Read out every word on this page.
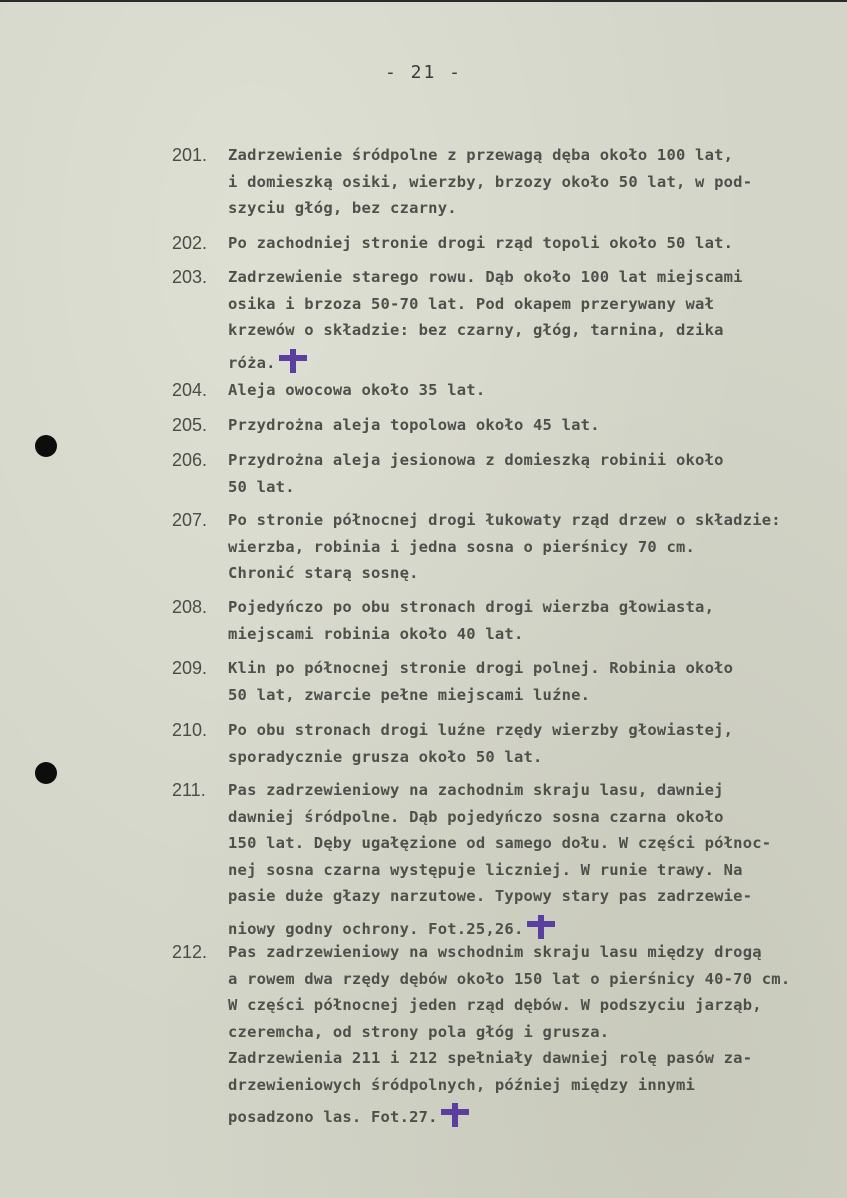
- 21 -
201. Zadrzewienie śródpolne z przewagą dęba około 100 lat,
i domieszką osiki, wierzby, brzozy około 50 lat, w pod-
szyciu głóg, bez czarny.
202. Po zachodniej stronie drogi rząd topoli około 50 lat.
203. Zadrzewienie starego rowu. Dąb około 100 lat miejscami
osika i brzoza 50-70 lat. Pod okapem przerywany wał
krzewów o składzie: bez czarny, głóg, tarnina, dzika
róża.
204. Aleja owocowa około 35 lat.
205. Przydrożna aleja topolowa około 45 lat.
206. Przydrożna aleja jesionowa z domieszką robinii około
50 lat.
207. Po stronie północnej drogi łukowaty rząd drzew o składzie:
wierzba, robinia i jedna sosna o pierśnicy 70 cm.
Chronić starą sosnę.
208. Pojedyńczo po obu stronach drogi wierzba głowiasta,
miejscami robinia około 40 lat.
209. Klin po północnej stronie drogi polnej. Robinia około
50 lat, zwarcie pełne miejscami luźne.
210. Po obu stronach drogi luźne rzędy wierzby głowiastej,
sporadycznie grusza około 50 lat.
211. Pas zadrzewieniowy na zachodnim skraju lasu, dawniej
dawniej śródpolne. Dąb pojedyńczo sosna czarna około
150 lat. Dęby ugałęzione od samego dołu. W części północ-
nej sosna czarna występuje liczniej. W runie trawy. Na
pasie duże głazy narzutowe. Typowy stary pas zadrzewie-
niowy godny ochrony. Fot.25,26.
212. Pas zadrzewieniowy na wschodnim skraju lasu między drogą
a rowem dwa rzędy dębów około 150 lat o pierśnicy 40-70 cm.
W części północnej jeden rząd dębów. W podszyciu jarząb,
czeremcha, od strony pola głóg i grusza.
Zadrzewienia 211 i 212 spełniały dawniej rolę pasów za-
drzewieniowych śródpolnych, później między innymi
posadzono las. Fot.27.
